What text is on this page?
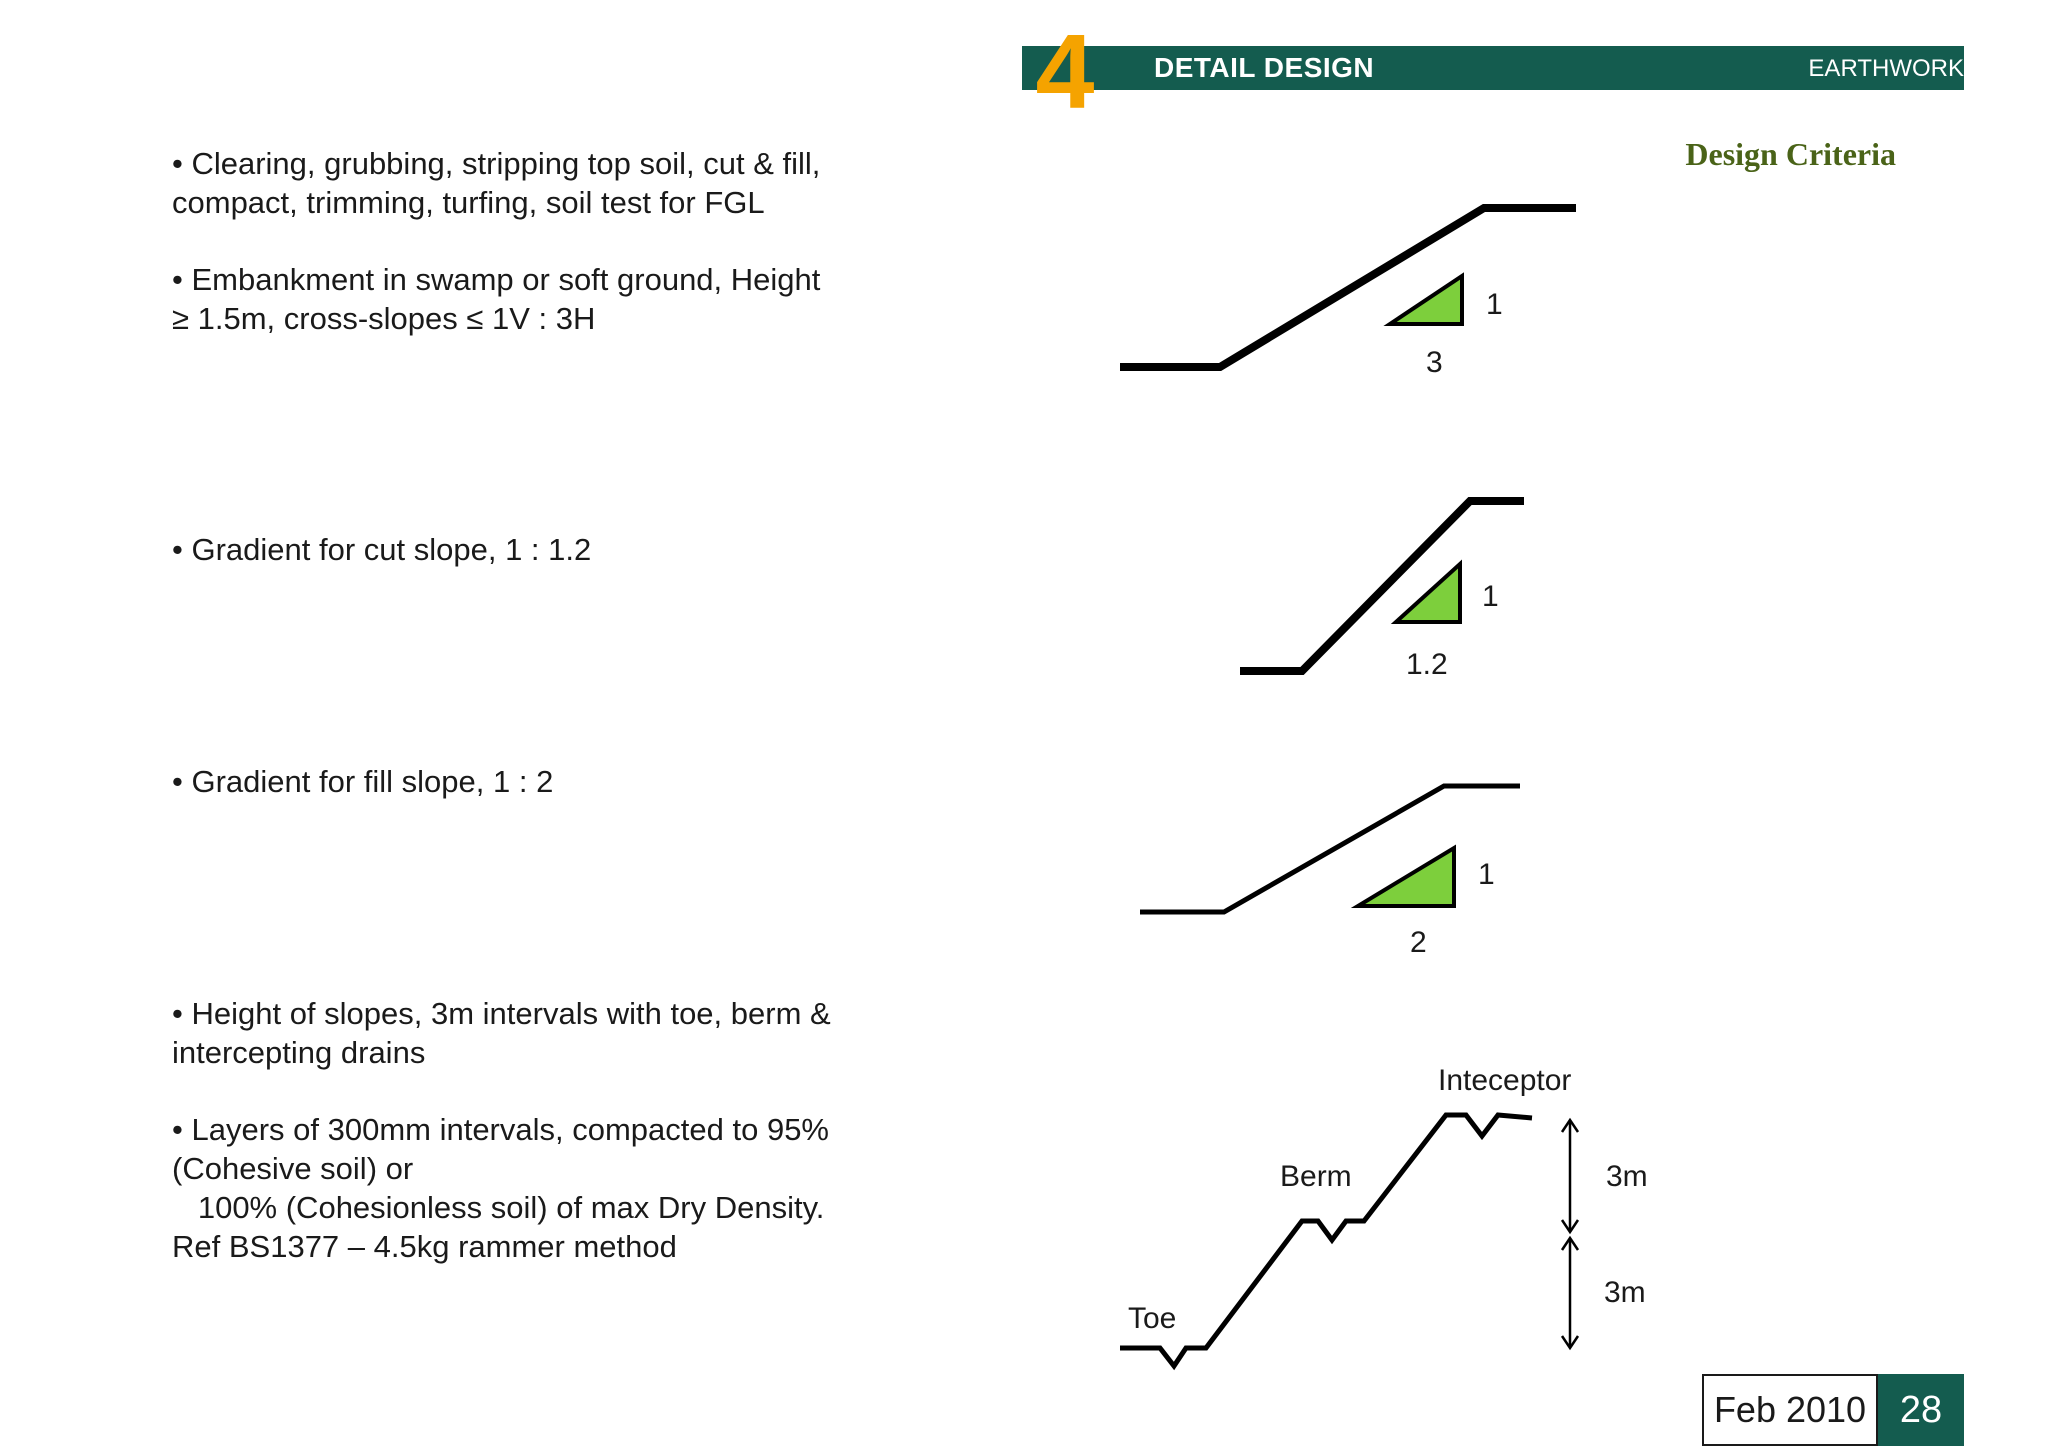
4 DETAIL DESIGN	EARTHWORK
Design Criteria
• Clearing, grubbing, stripping top soil, cut & fill,
compact, trimming, turfing, soil test for FGL
• Embankment in swamp or soft ground, Height
≥ 1.5m, cross-slopes ≤ 1V : 3H
• Gradient for cut slope, 1 : 1.2
• Gradient for fill slope, 1 : 2
• Height of slopes, 3m intervals with toe, berm &
intercepting drains
• Layers of 300mm intervals, compacted to 95%
(Cohesive soil) or
100% (Cohesionless soil) of max Dry Density.
Ref BS1377 – 4.5kg rammer method
1
3
1
1.2
1
2
Toe
Berm
Inteceptor
3m
3m
Feb 2010 28
